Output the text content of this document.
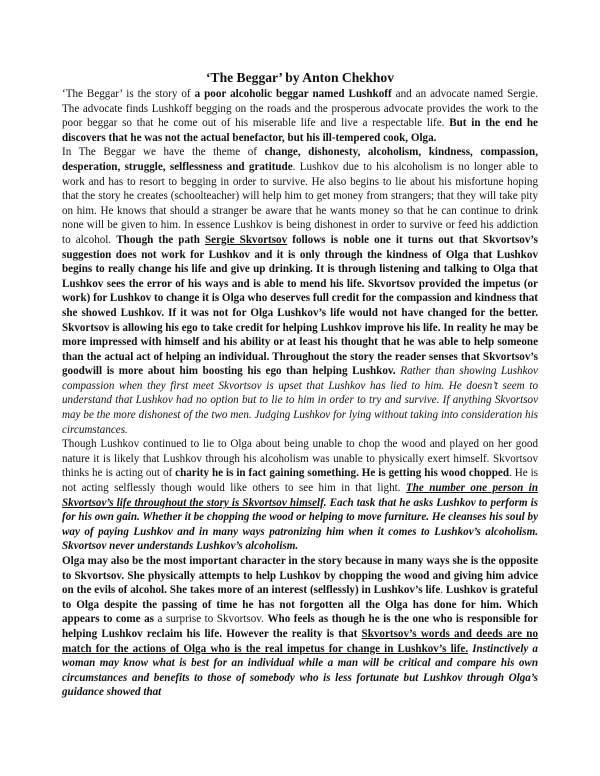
‘The Beggar’ by Anton Chekhov

‘The Beggar’ is the story of a poor alcoholic beggar named Lushkoff and an advocate named Sergie. The advocate finds Lushkoff begging on the roads and the prosperous advocate provides the work to the poor beggar so that he come out of his miserable life and live a respectable life. But in the end he discovers that he was not the actual benefactor, but his ill-tempered cook, Olga.

In The Beggar we have the theme of change, dishonesty, alcoholism, kindness, compassion, desperation, struggle, selflessness and gratitude. Lushkov due to his alcoholism is no longer able to work and has to resort to begging in order to survive. He also begins to lie about his misfortune hoping that the story he creates (schoolteacher) will help him to get money from strangers; that they will take pity on him. He knows that should a stranger be aware that he wants money so that he can continue to drink none will be given to him. In essence Lushkov is being dishonest in order to survive or feed his addiction to alcohol. Though the path Sergie Skvortsov follows is noble one it turns out that Skvortsov’s suggestion does not work for Lushkov and it is only through the kindness of Olga that Lushkov begins to really change his life and give up drinking. It is through listening and talking to Olga that Lushkov sees the error of his ways and is able to mend his life. Skvortsov provided the impetus (or work) for Lushkov to change it is Olga who deserves full credit for the compassion and kindness that she showed Lushkov. If it was not for Olga Lushkov’s life would not have changed for the better. Skvortsov is allowing his ego to take credit for helping Lushkov improve his life. In reality he may be more impressed with himself and his ability or at least his thought that he was able to help someone than the actual act of helping an individual. Throughout the story the reader senses that Skvortsov’s goodwill is more about him boosting his ego than helping Lushkov. Rather than showing Lushkov compassion when they first meet Skvortsov is upset that Lushkov has lied to him. He doesn’t seem to understand that Lushkov had no option but to lie to him in order to try and survive. If anything Skvortsov may be the more dishonest of the two men. Judging Lushkov for lying without taking into consideration his circumstances.

Though Lushkov continued to lie to Olga about being unable to chop the wood and played on her good nature it is likely that Lushkov through his alcoholism was unable to physically exert himself. Skvortsov thinks he is acting out of charity he is in fact gaining something. He is getting his wood chopped. He is not acting selflessly though would like others to see him in that light. The number one person in Skvortsov’s life throughout the story is Skvortsov himself. Each task that he asks Lushkov to perform is for his own gain. Whether it be chopping the wood or helping to move furniture. He cleanses his soul by way of paying Lushkov and in many ways patronizing him when it comes to Lushkov’s alcoholism. Skvortsov never understands Lushkov’s alcoholism.

Olga may also be the most important character in the story because in many ways she is the opposite to Skvortsov. She physically attempts to help Lushkov by chopping the wood and giving him advice on the evils of alcohol. She takes more of an interest (selflessly) in Lushkov’s life. Lushkov is grateful to Olga despite the passing of time he has not forgotten all the Olga has done for him. Which appears to come as a surprise to Skvortsov. Who feels as though he is the one who is responsible for helping Lushkov reclaim his life. However the reality is that Skvortsov’s words and deeds are no match for the actions of Olga who is the real impetus for change in Lushkov’s life. Instinctively a woman may know what is best for an individual while a man will be critical and compare his own circumstances and benefits to those of somebody who is less fortunate but Lushkov through Olga’s guidance showed that
